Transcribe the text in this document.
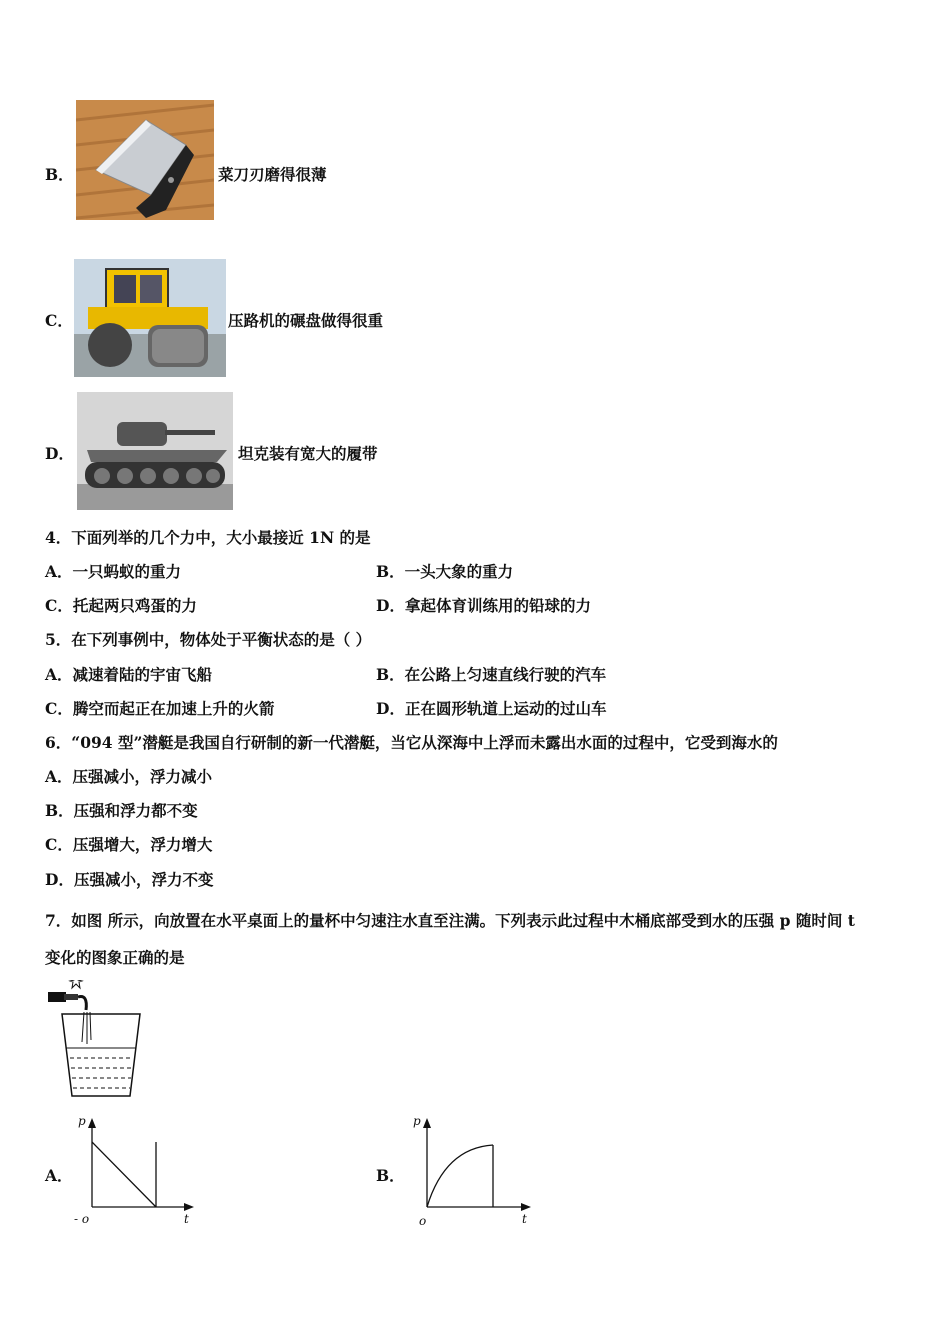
B．	菜刀刃磨得很薄
C．	压路机的碾盘做得很重
D．	坦克装有宽大的履带
4．下面列举的几个力中，大小最接近 1N 的是
A．一只蚂蚁的重力	B．一头大象的重力
C．托起两只鸡蛋的力	D．拿起体育训练用的铅球的力
5．在下列事例中，物体处于平衡状态的是（ ）
A．减速着陆的宇宙飞船	B．在公路上匀速直线行驶的汽车
C．腾空而起正在加速上升的火箭	D．正在圆形轨道上运动的过山车
6．“094 型”潜艇是我国自行研制的新一代潜艇，当它从深海中上浮而未露出水面的过程中，它受到海水的
A．压强减小，浮力减小
B．压强和浮力都不变
C．压强增大，浮力增大
D．压强减小，浮力不变
7．如图 所示，向放置在水平桌面上的量杯中匀速注水直至注满。下列表示此过程中木桶底部受到水的压强 p 随时间 t
变化的图象正确的是
A．
p
t
- o
B．
p
t
o
